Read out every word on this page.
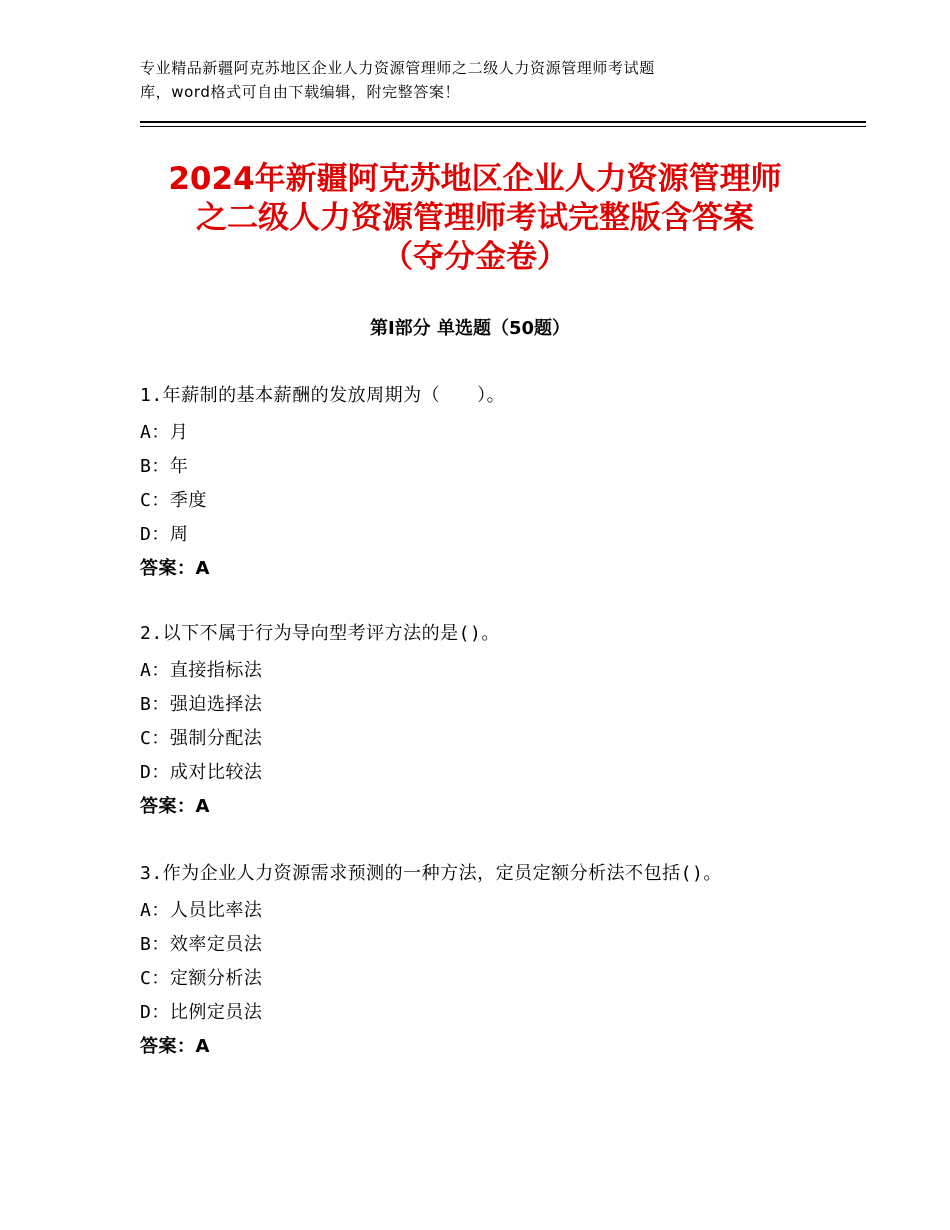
专业精品新疆阿克苏地区企业人力资源管理师之二级人力资源管理师考试题
库，word格式可自由下载编辑，附完整答案！
2024年新疆阿克苏地区企业人力资源管理师
之二级人力资源管理师考试完整版含答案
（夺分金卷）
第Ⅰ部分 单选题（50题）

1.年薪制的基本薪酬的发放周期为（　　）。

A：月

B：年

C：季度

D：周

答案：A

2.以下不属于行为导向型考评方法的是()。

A：直接指标法

B：强迫选择法

C：强制分配法

D：成对比较法

答案：A

3.作为企业人力资源需求预测的一种方法，定员定额分析法不包括()。

A：人员比率法

B：效率定员法

C：定额分析法

D：比例定员法

答案：A
